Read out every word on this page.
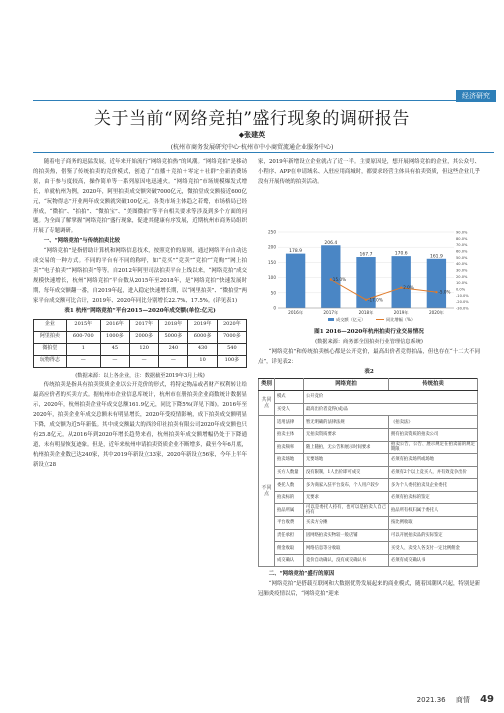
经济研究
关于当前“网络竞拍”盛行现象的调研报告
◆张建英
(杭州市商务发展研究中心·杭州市中小商贸流通企业服务中心)

随着电子商务的迅猛发展，近年来开始流行“网络竞拍热”的风潮。“网络竞拍”是移动的拍卖热，借鉴了传统拍卖的竞价模式，创造了“直播＋竞拍＋零定＋社群”全新消费场景，由于参与度较高，操作简单等一系列原因电迅速火。“网络竞拍”市场规模爆发式增长，单就杭州为例，2020年，阿里拍卖成交额突破7000亿元，微拍堂成交额接近600亿元，“玩物得志”开业两年成交额就突破100亿元。各类市场主体趋之若鹜，市场格局已经形成，“微拍”、“拍拍”、“微拍宝”、“美图微拍”等平台相关要求等涉及到多个方面的问题。为全面了解掌握“网络竞拍”盛行现象，促进其健康有序发展，近期杭州市商务局组织开展了专题调研。

一、“网络竞拍”与传统拍卖比较

“网络竞拍”是指借助计算机和网络信息技术，按照竞价的原则，通过网络平台自动达成交易的一种方式。不同的平台有不同的称呼，如“竞买”“竞卖”“竞拍”“竞购”“网上拍卖”“电子拍卖”“网络拍卖”等等。自2012年阿里司法拍卖平台上线以来，“网络竞拍”成交规模快速增长，杭州“网络竞拍”平台数从2015年至2018年，是“网络竞拍”快速发展时期，每年成交额翻一番，自2019年起，进入稳定快速增长期，以“网里拍卖”、“微拍堂”两家平台成交额可比合计，2019年、2020年同比分别增长22.7%、17.5%。(详见表1)

表1 杭州“网络竞拍”平台2015—2020年成交额(单位:亿元)
企业	2015年	2016年	2017年	2018年	2019年	2020年
阿里拍卖	600-700	1000多	2000多	5000多	6000多	7000多
微拍堂	1	45	120	240	430	540
玩物得志	—	—	—	—	10	100多
(数据来源：以上各企业，注：数据截至2019年3月上线)

传统拍卖是指具有拍卖资质企业以公开竞价的形式，将特定物品或者财产权利转让给最高应价者的买卖方式。据杭州市企业信息库统计，杭州市在册拍卖企业商数统计数据显示，2020年，杭州拍卖企业年成交总额161.9亿元，同比下降5%(详见下图)。2016年至2020年，拍卖企业年成交总额未有明显增长，2020年受疫情影响，成下拍卖成交额明显下降，成交额为近5年新低。其中成交额最大的西泠印社拍卖有限公司2020年成交额也只有25.8亿元，从2016年到2020年增长趋势来看，杭州拍卖年成交额增幅仍处于下降通道，未有明显恢复迹象。但是，近年来杭州申请拍卖资质企业不断增多，截至今年6月底，杭州拍卖企业数已达240家，其中2019年新设立33家，2020年新设立56家，今年上半年新设立28

家，2019年新增设立企业就占了近一半。主要原因是，想开展网络竞拍的企业，其公众号、小程序、APP在申请域名、入驻应用商城时，都要求经营主体具有拍卖资质，但这些企业几乎没有开展传统的拍卖活动。

0
50
100
150
200
250
-30.0%
-20.0%
-10.0%
0.0%
10.0%
20.0%
30.0%
40.0%
50.0%
60.0%
70.0%
80.0%
90.0%
178.9
2016年
206.4
2017年	2018年
170.6
2019年
161.9
2020年
167.7
15.0%
-17.0%
2.0%
-5.0%
成交额（亿元）	同比增幅（%）
图1 2016—2020年杭州拍卖行业交易情况
(数据来源：商务部全国拍卖行业管理信息系统)

“网络竞拍”和传统拍卖核心都是公开竞价，最高出价者竞得拍品，但也存在“十二大不同点”，详见表2：

表2
类别		网络竞拍	传统拍卖
共同点	模式	公开竞价	
	买受人	最高出价者竞得(成)品	
不同点	适用法律	暂无明确的法律法规	《拍卖法》
	拍卖主体	无拍卖资质要求	拥有拍卖资质的拍卖公司
	拍卖频率	随上随拍，无公告和展示时间要求	拍卖公告，公告、展示规定在拍卖前的规定期限
	拍卖场地	无要场地	必须有拍卖场所或场地
	买方人数量	没有限制，1人出价即可成交	必须有2个以上竞买人，并有效竞争出价
	委托人数	多为商家入驻平台发布，个人用户较少	多为个人委托拍卖及企业委托
	拍卖标的	无要求	必须有拍卖标的鉴定
	拍品所属	可以是委托人持有，也可以是拍卖人自己持有	拍品所有权归属于委托人
	平台收费	买卖方分摊	按比例收取
	责任承担	因网络拍卖实物较一般店铺	可以开展拍卖品的实际鉴定
	佣金收取	网络信息等分收取	买受人、卖受人各支付一定比例佣金
	成交确认	竞价自动确认，没有成交确认书	必须有成交确认书

二、“网络竞拍”盛行的原因

“网络竞拍”是搭载互联网和大数据优势发展起来的商业模式，随着国潮风兴起，特别是新冠肺炎疫情以后，“网络竞拍”迎来

2021.36 商情 49
